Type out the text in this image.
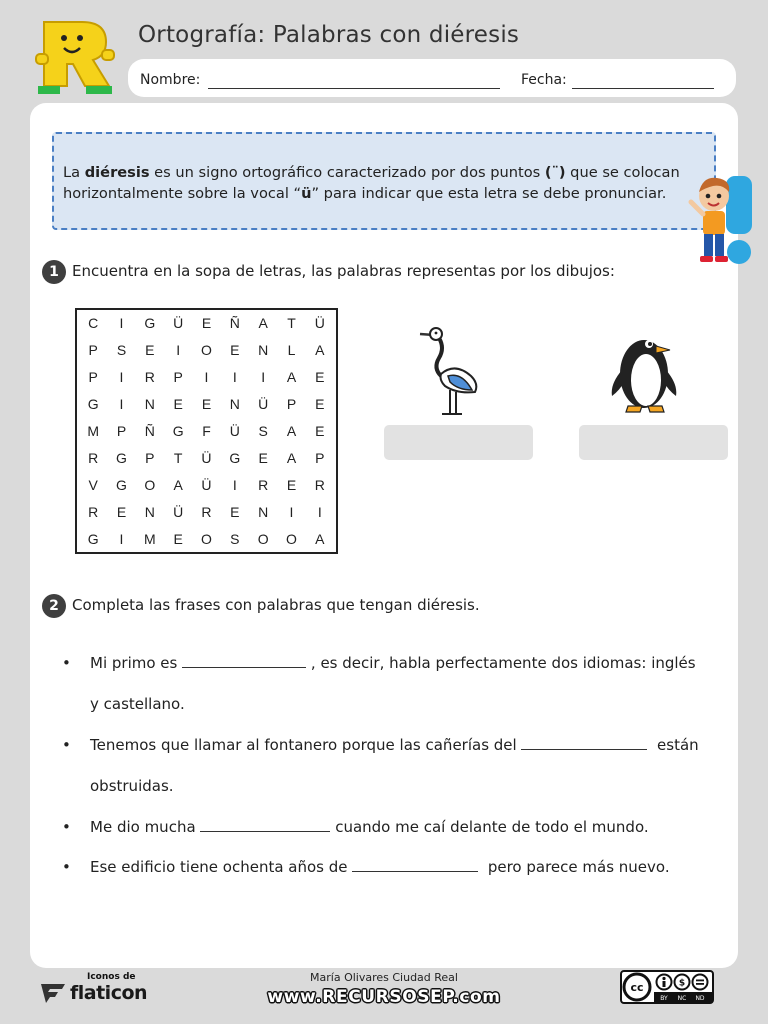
Ortografía: Palabras con diéresis
Nombre:	Fecha:

La diéresis es un signo ortográfico caracterizado por dos puntos (¨) que se colocan horizontalmente sobre la vocal “ü” para indicar que esta letra se debe pronunciar.

1 Encuentra en la sopa de letras, las palabras representas por los dibujos:
C	I	G	Ü	E	Ñ	A	T	Ü
P	S	E	I	O	E	N	L	A
P	I	R	P	I	I	I	A	E
G	I	N	E	E	N	Ü	P	E
M	P	Ñ	G	F	Ü	S	A	E
R	G	P	T	Ü	G	E	A	P
V	G	O	A	Ü	I	R	E	R
R	E	N	Ü	R	E	N	I	I
G	I	M	E	O	S	O	O	A
2 Completa las frases con palabras que tengan diéresis.
• Mi primo es	, es decir, habla perfectamente dos idiomas: inglés
y castellano.
• Tenemos que llamar al fontanero porque las cañerías del	están
obstruidas.
• Me dio mucha	cuando me caí delante de todo el mundo.
• Ese edificio tiene ochenta años de	pero parece más nuevo.
Iconos de
flaticon
María Olivares Ciudad Real
www.RECURSOSEP.com	cc	$
BY NC ND
